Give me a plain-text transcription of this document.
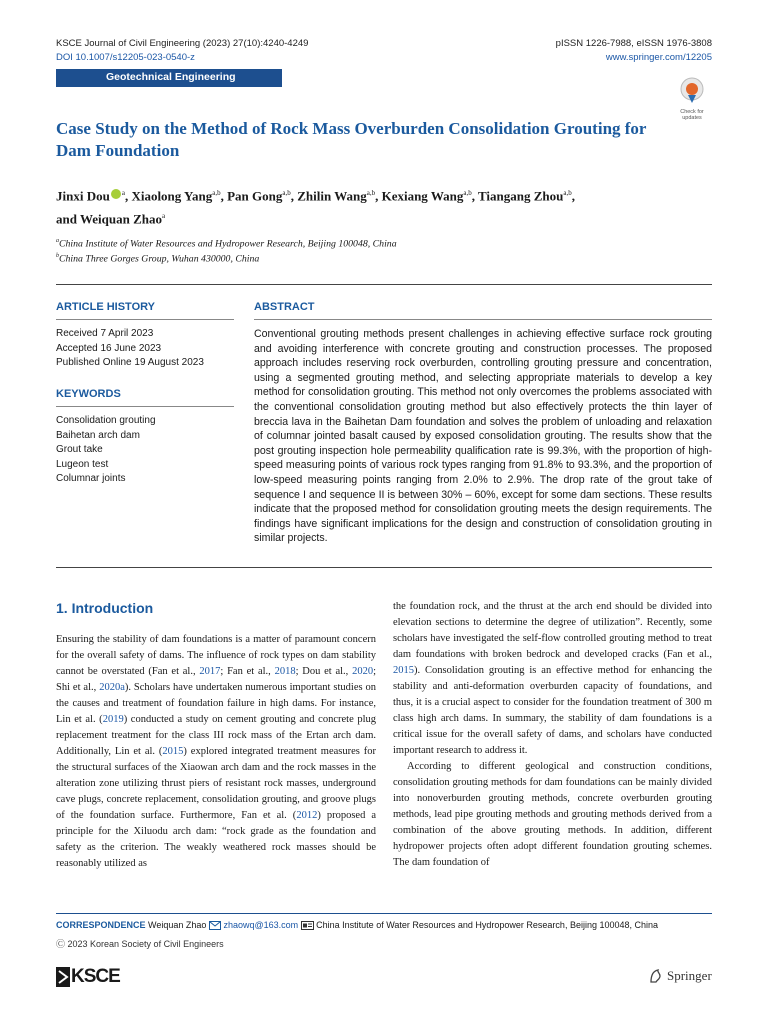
KSCE Journal of Civil Engineering (2023) 27(10):4240-4249
DOI 10.1007/s12205-023-0540-z
pISSN 1226-7988, eISSN 1976-3808
www.springer.com/12205
Geotechnical Engineering
Check for updates
Case Study on the Method of Rock Mass Overburden Consolidation Grouting for Dam Foundation
Jinxi Dou $^a$, Xiaolong Yang$^{a,b}$, Pan Gong$^{a,b}$, Zhilin Wang$^{a,b}$, Kexiang Wang$^{a,b}$, Tiangang Zhou$^{a,b}$,
and Weiquan Zhao$^a$
$^a$China Institute of Water Resources and Hydropower Research, Beijing 100048, China
$^b$China Three Gorges Group, Wuhan 430000, China
ARTICLE HISTORY
Received 7 April 2023
Accepted 16 June 2023
Published Online 19 August 2023
KEYWORDS
Consolidation grouting
Baihetan arch dam
Grout take
Lugeon test
Columnar joints
ABSTRACT
Conventional grouting methods present challenges in achieving effective surface rock grouting and avoiding interference with concrete grouting and construction processes. The proposed approach includes reserving rock overburden, controlling grouting pressure and concentration, using a segmented grouting method, and selecting appropriate materials to develop a key method for consolidation grouting. This method not only overcomes the problems associated with the conventional consolidation grouting method but also effectively protects the thin layer of breccia lava in the Baihetan Dam foundation and solves the problem of unloading and relaxation of columnar jointed basalt caused by exposed consolidation grouting. The results show that the post grouting inspection hole permeability qualification rate is 99.3%, with the proportion of high-speed measuring points of various rock types ranging from 91.8% to 93.3%, and the proportion of low-speed measuring points ranging from 2.0% to 2.9%. The drop rate of the grout take of sequence I and sequence II is between 30% – 60%, except for some dam sections. These results indicate that the proposed method for consolidation grouting meets the design requirements. The findings have significant implications for the design and construction of consolidation grouting in similar projects.
1. Introduction
Ensuring the stability of dam foundations is a matter of paramount concern for the overall safety of dams. The influence of rock types on dam stability cannot be overstated (Fan et al., 2017; Fan et al., 2018; Dou et al., 2020; Shi et al., 2020a). Scholars have undertaken numerous important studies on the causes and treatment of foundation failure in high dams. For instance, Lin et al. (2019) conducted a study on cement grouting and concrete plug replacement treatment for the class III rock mass of the Ertan arch dam. Additionally, Lin et al. (2015) explored integrated treatment measures for the structural surfaces of the Xiaowan arch dam and the rock masses in the alteration zone utilizing thrust piers of resistant rock masses, underground cave plugs, concrete replacement, consolidation grouting, and groove plugs of the foundation surface. Furthermore, Fan et al. (2012) proposed a principle for the Xiluodu arch dam: “rock grade as the foundation and safety as the criterion. The weakly weathered rock masses should be reasonably utilized as
the foundation rock, and the thrust at the arch end should be divided into elevation sections to determine the degree of utilization”. Recently, some scholars have investigated the self-flow controlled grouting method to treat dam foundations with broken bedrock and developed cracks (Fan et al., 2015). Consolidation grouting is an effective method for enhancing the stability and anti-deformation overburden capacity of foundations, and thus, it is a crucial aspect to consider for the foundation treatment of 300 m class high arch dams. In summary, the stability of dam foundations is a critical issue for the overall safety of dams, and scholars have conducted important research to address it.
According to different geological and construction conditions, consolidation grouting methods for dam foundations can be mainly divided into nonoverburden grouting methods, concrete overburden grouting methods, lead pipe grouting methods and grouting methods derived from a combination of the above grouting methods. In addition, different hydropower projects often adopt different foundation grouting schemes. The dam foundation of
CORRESPONDENCE Weiquan Zhao zhaowq@163.com China Institute of Water Resources and Hydropower Research, Beijing 100048, China
Ⓒ 2023 Korean Society of Civil Engineers
KSCE	Springer
